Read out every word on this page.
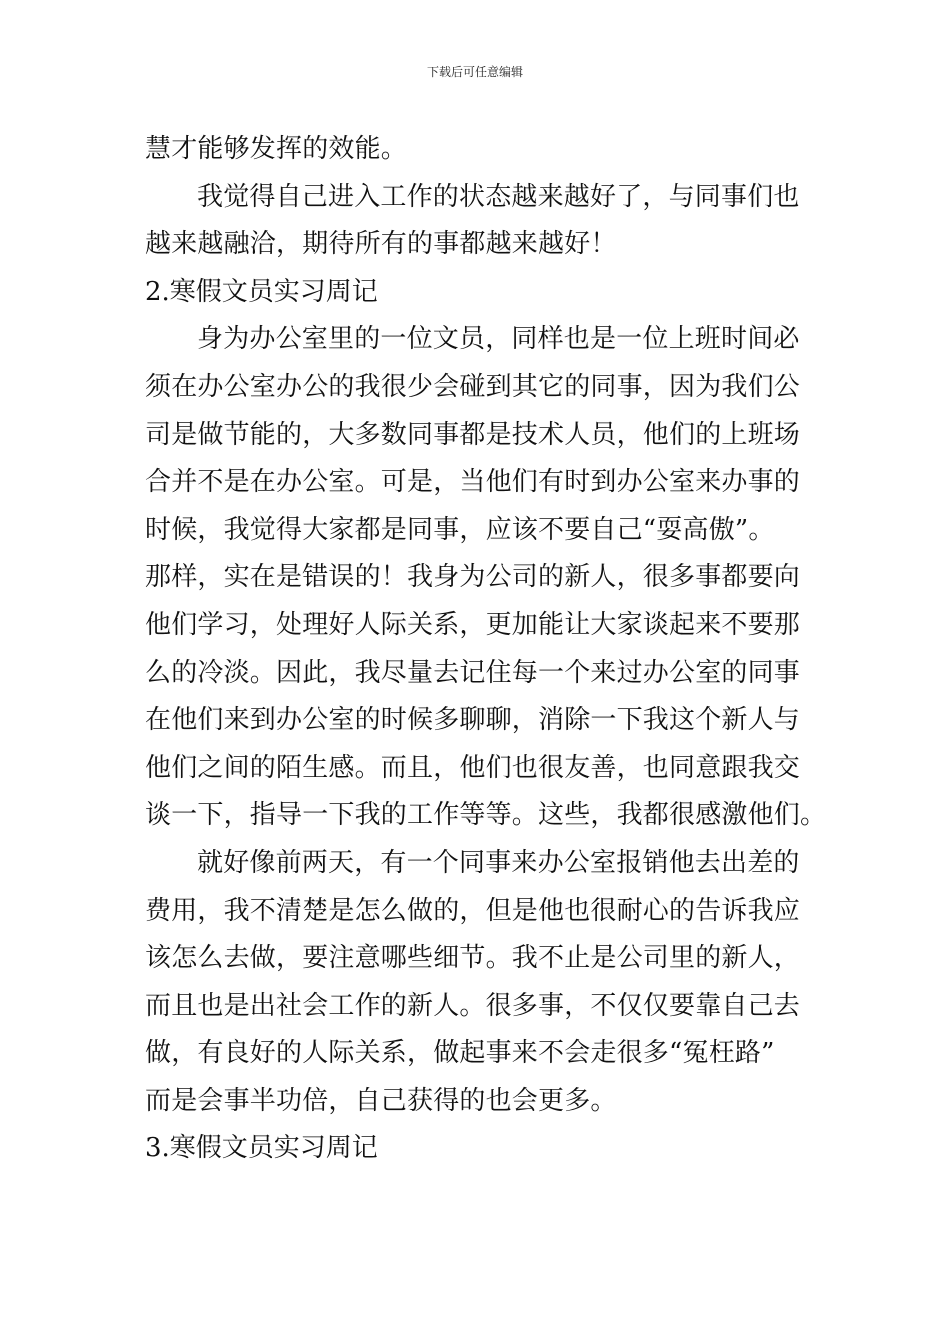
下载后可任意编辑
慧才能够发挥的效能。
我觉得自己进入工作的状态越来越好了，与同事们也
越来越融洽，期待所有的事都越来越好！
2.寒假文员实习周记
身为办公室里的一位文员，同样也是一位上班时间必
须在办公室办公的我很少会碰到其它的同事，因为我们公
司是做节能的，大多数同事都是技术人员，他们的上班场
合并不是在办公室。可是，当他们有时到办公室来办事的
时候，我觉得大家都是同事，应该不要自己“耍高傲”。
那样，实在是错误的！我身为公司的新人，很多事都要向
他们学习，处理好人际关系，更加能让大家谈起来不要那
么的冷淡。因此，我尽量去记住每一个来过办公室的同事
在他们来到办公室的时候多聊聊，消除一下我这个新人与
他们之间的陌生感。而且，他们也很友善，也同意跟我交
谈一下，指导一下我的工作等等。这些，我都很感激他们。
就好像前两天，有一个同事来办公室报销他去出差的
费用，我不清楚是怎么做的，但是他也很耐心的告诉我应
该怎么去做，要注意哪些细节。我不止是公司里的新人，
而且也是出社会工作的新人。很多事，不仅仅要靠自己去
做，有良好的人际关系，做起事来不会走很多“冤枉路”
而是会事半功倍，自己获得的也会更多。
3.寒假文员实习周记
